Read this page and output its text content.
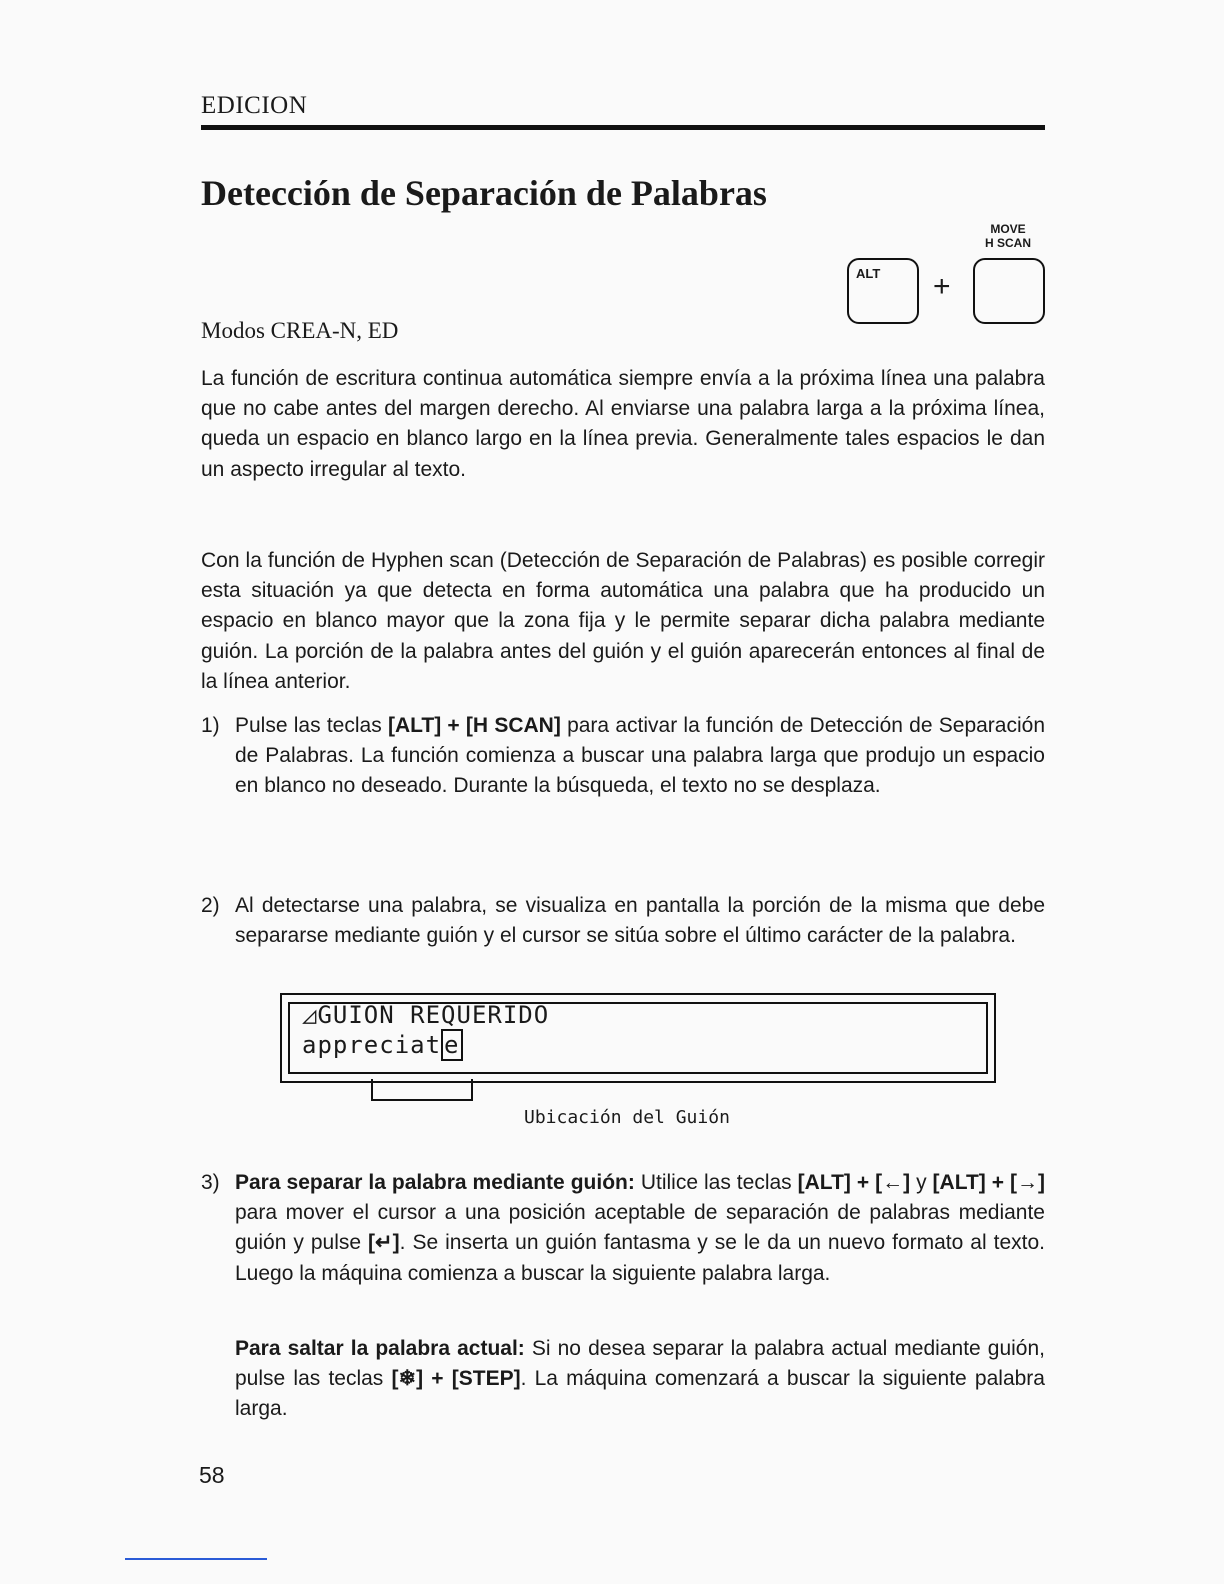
EDICION
Detección de Separación de Palabras
MOVE
H SCAN
ALT +
Modos CREA-N, ED

La función de escritura continua automática siempre envía a la próxima línea una palabra que no cabe antes del margen derecho. Al enviarse una palabra larga a la próxima línea, queda un espacio en blanco largo en la línea previa. Generalmente tales espacios le dan un aspecto irregular al texto.

Con la función de Hyphen scan (Detección de Separación de Palabras) es posible corregir esta situación ya que detecta en forma automática una palabra que ha producido un espacio en blanco mayor que la zona fija y le permite separar dicha palabra mediante guión. La porción de la palabra antes del guión y el guión aparecerán entonces al final de la línea anterior.

1) Pulse las teclas [ALT] + [H SCAN] para activar la función de Detección de Separación de Palabras. La función comienza a buscar una palabra larga que produjo un espacio en blanco no deseado. Durante la búsqueda, el texto no se desplaza.
2) Al detectarse una palabra, se visualiza en pantalla la porción de la misma que debe separarse mediante guión y el cursor se sitúa sobre el último carácter de la palabra.
◿GUION REQUERIDO
appreciat e
Ubicación del Guión
3) Para separar la palabra mediante guión: Utilice las teclas [ALT] + [←] y [ALT] + [→] para mover el cursor a una posición aceptable de separación de palabras mediante guión y pulse [↵]. Se inserta un guión fantasma y se le da un nuevo formato al texto. Luego la máquina comienza a buscar la siguiente palabra larga.
Para saltar la palabra actual: Si no desea separar la palabra actual mediante guión, pulse las teclas [❄] + [STEP]. La máquina comenzará a buscar la siguiente palabra larga.
58
